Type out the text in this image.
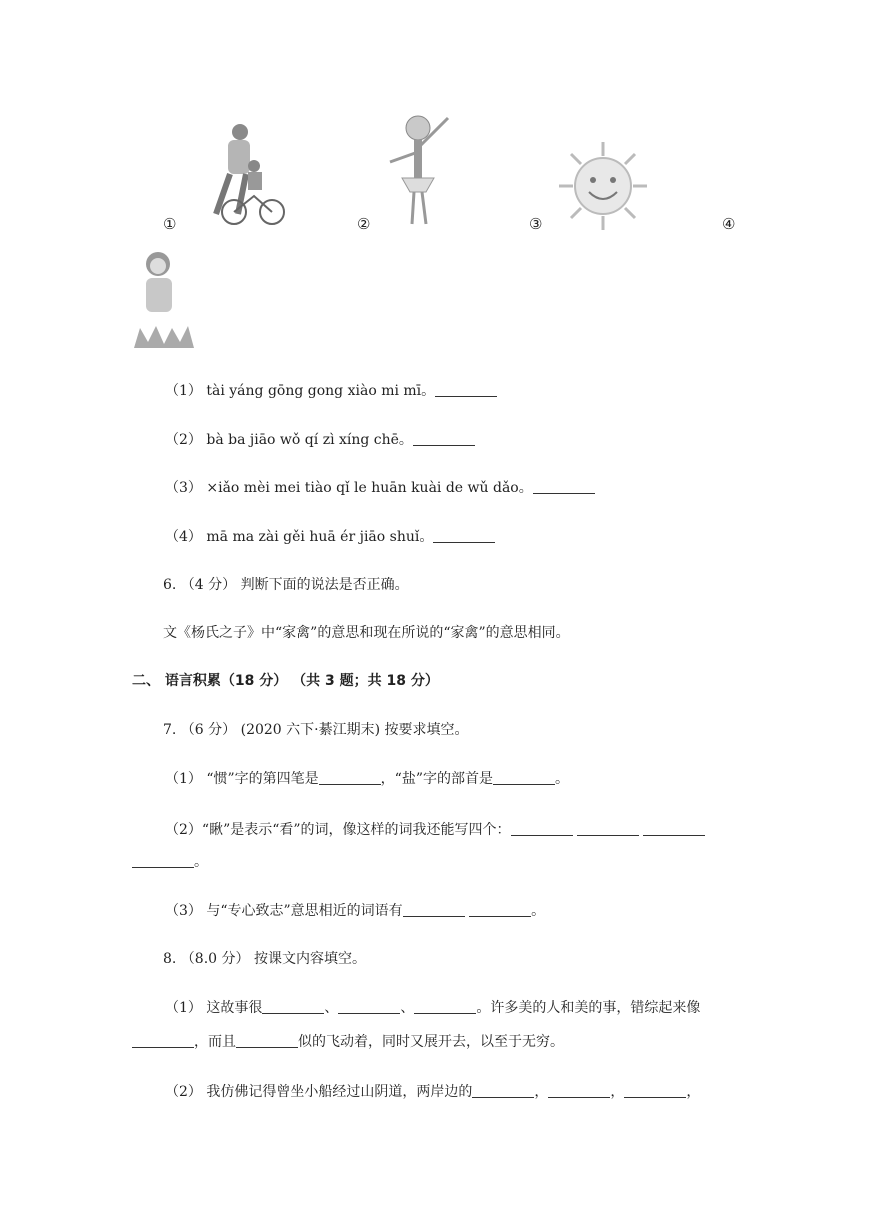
①	②	③	④
（1） tài yáng gōng gong xiào mi mī。
（2） bà ba jiāo wǒ qí zì xíng chē。
（3） ×iǎo mèi mei tiào qǐ le huān kuài de wǔ dǎo。
（4） mā ma zài gěi huā ér jiāo shuǐ。
6. （4 分） 判断下面的说法是否正确。
文《杨氏之子》中“家禽”的意思和现在所说的“家禽”的意思相同。
二、 语言积累（18 分） （共 3 题；共 18 分）
7. （6 分） (2020 六下·綦江期末) 按要求填空。
（1） “惯”字的第四笔是	，“盐”字的部首是	。
（2）“瞅”是表示“看”的词，像这样的词我还能写四个：
。
（3） 与“专心致志”意思相近的词语有	。
8. （8.0 分） 按课文内容填空。
（1） 这故事很	、	、	。许多美的人和美的事，错综起来像
，而且	似的飞动着，同时又展开去，以至于无穷。
（2） 我仿佛记得曾坐小船经过山阴道，两岸边的	，	，	，
